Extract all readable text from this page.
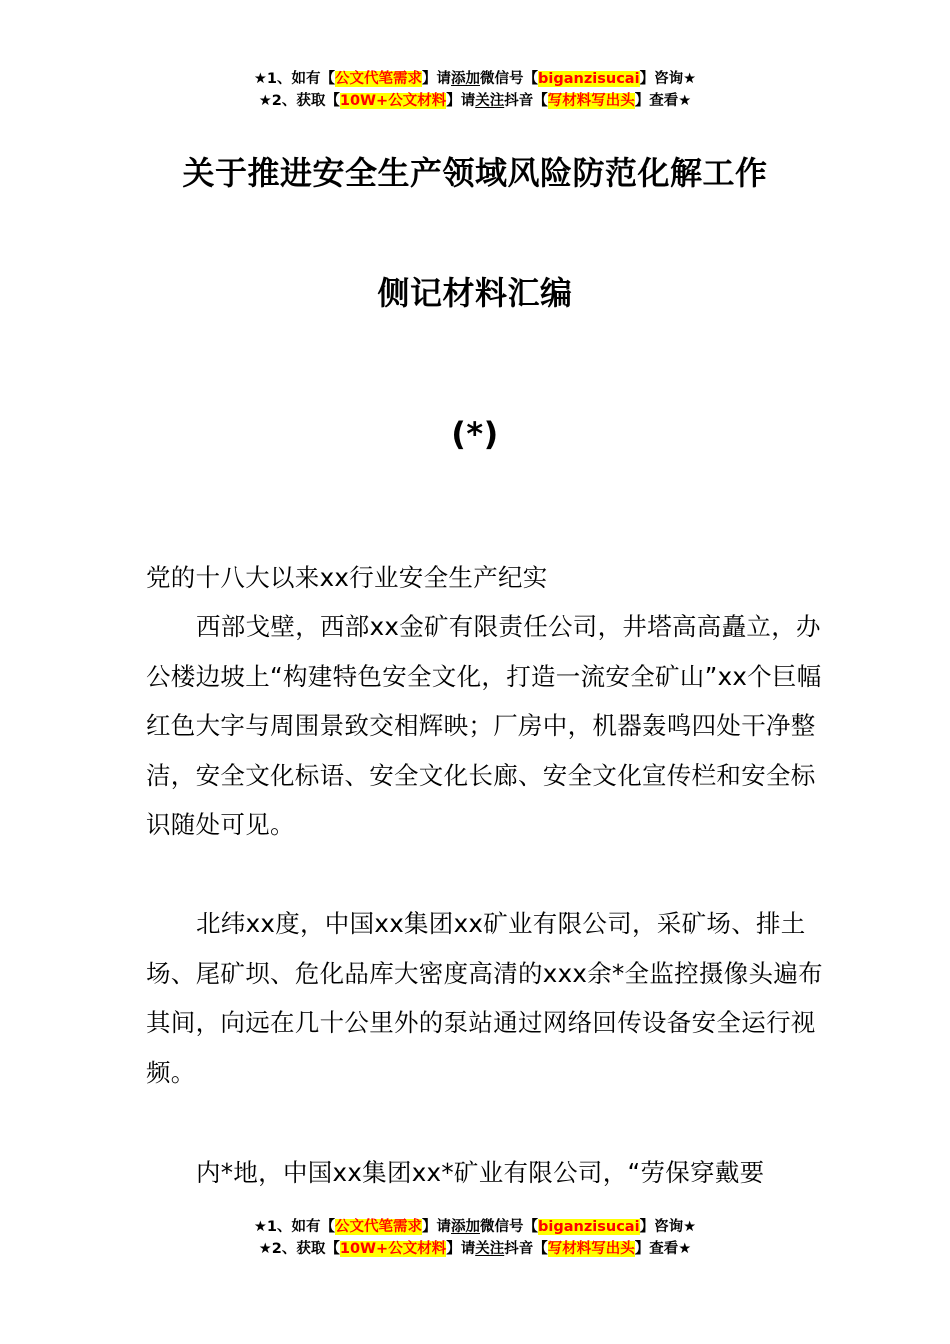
★1、如有【公文代笔需求】请添加微信号【biganzisucai】咨询★
★2、获取【10W+公文材料】请关注抖音【写材料写出头】查看★
关于推进安全生产领域风险防范化解工作
侧记材料汇编
(*)
党的十八大以来xx行业安全生产纪实
西部戈壁，西部xx金矿有限责任公司，井塔高高矗立，办公楼边坡上“构建特色安全文化，打造一流安全矿山”xx个巨幅红色大字与周围景致交相辉映；厂房中，机器轰鸣四处干净整洁，安全文化标语、安全文化长廊、安全文化宣传栏和安全标识随处可见。
北纬xx度，中国xx集团xx矿业有限公司，采矿场、排土场、尾矿坝、危化品库大密度高清的xxx余*全监控摄像头遍布其间，向远在几十公里外的泵站通过网络回传设备安全运行视频。
内*地，中国xx集团xx*矿业有限公司，“劳保穿戴要
★1、如有【公文代笔需求】请添加微信号【biganzisucai】咨询★
★2、获取【10W+公文材料】请关注抖音【写材料写出头】查看★
